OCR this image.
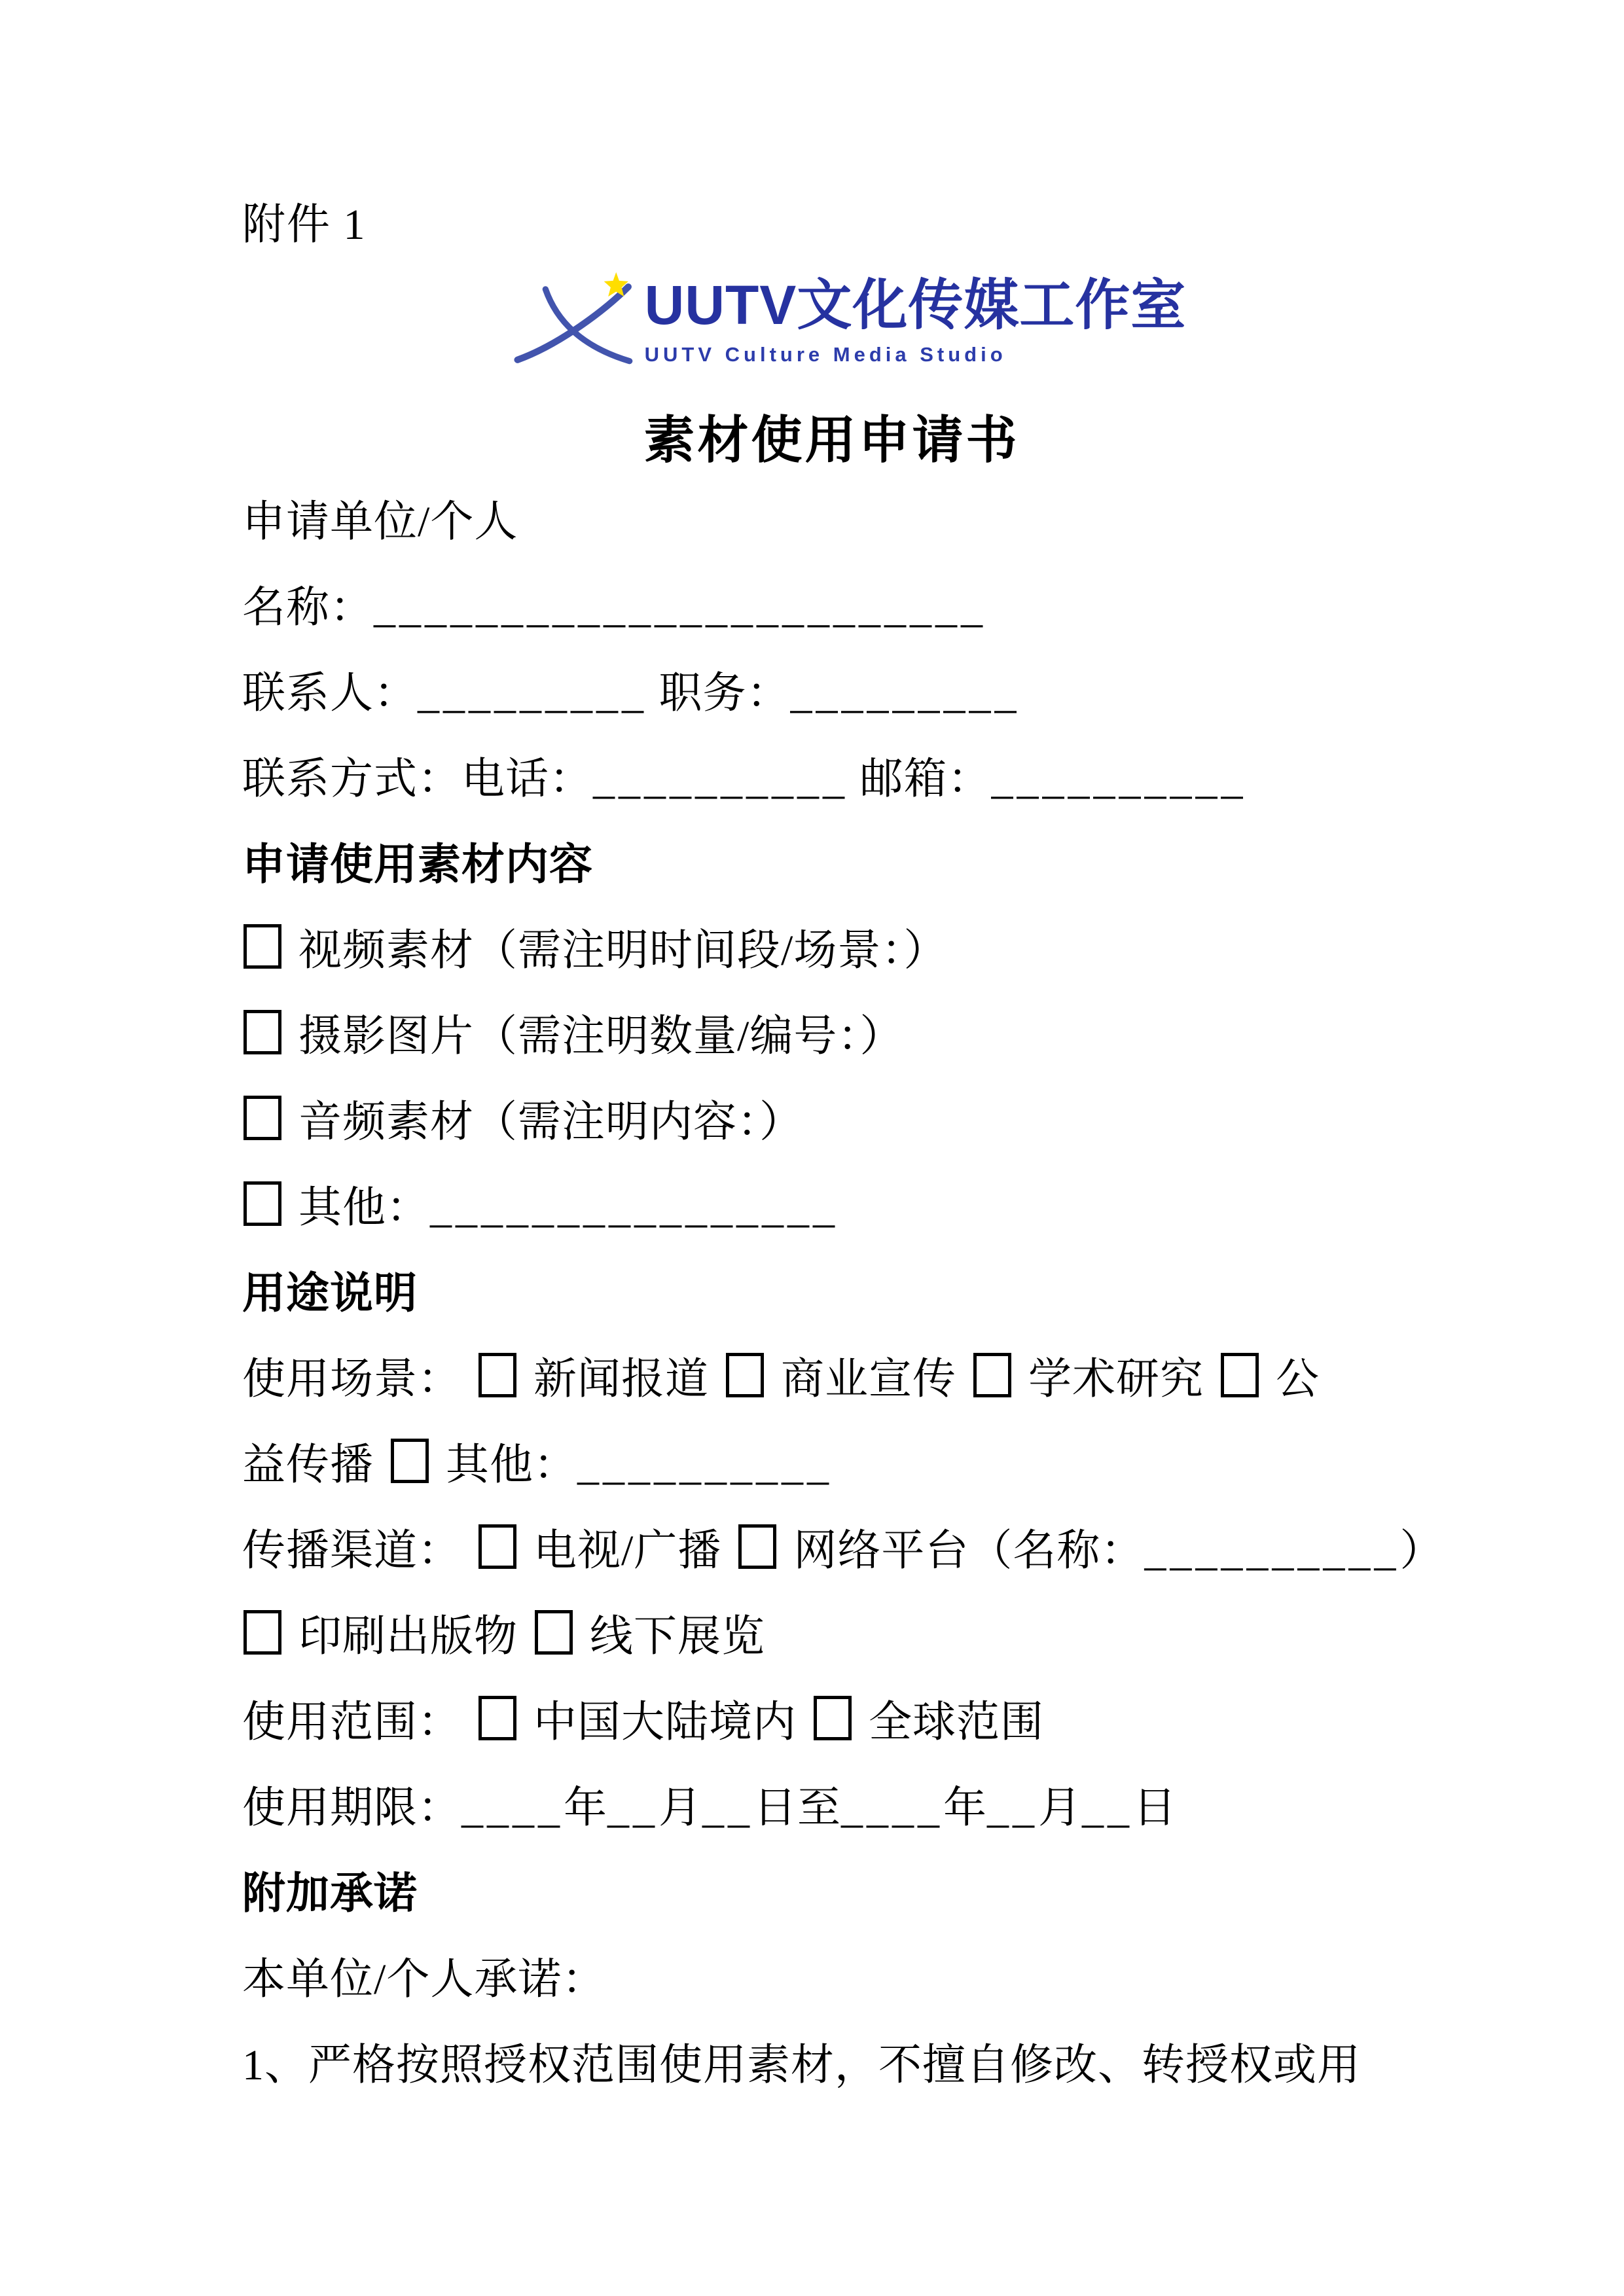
附件 1
UUTV文化传媒工作室
UUTV Culture Media Studio
素材使用申请书
申请单位/个人
名称：________________________
联系人：_________ 职务：_________
联系方式：电话：__________ 邮箱：__________
申请使用素材内容
视频素材（需注明时间段/场景：）
摄影图片（需注明数量/编号：）
音频素材（需注明内容：）
其他：________________
用途说明
使用场景： 新闻报道 商业宣传 学术研究 公
益传播 其他：__________
传播渠道： 电视/广播 网络平台（名称：__________）
印刷出版物 线下展览
使用范围： 中国大陆境内 全球范围
使用期限：____年__月__日至____年__月__日
附加承诺
本单位/个人承诺：
1、严格按照授权范围使用素材，不擅自修改、转授权或用
